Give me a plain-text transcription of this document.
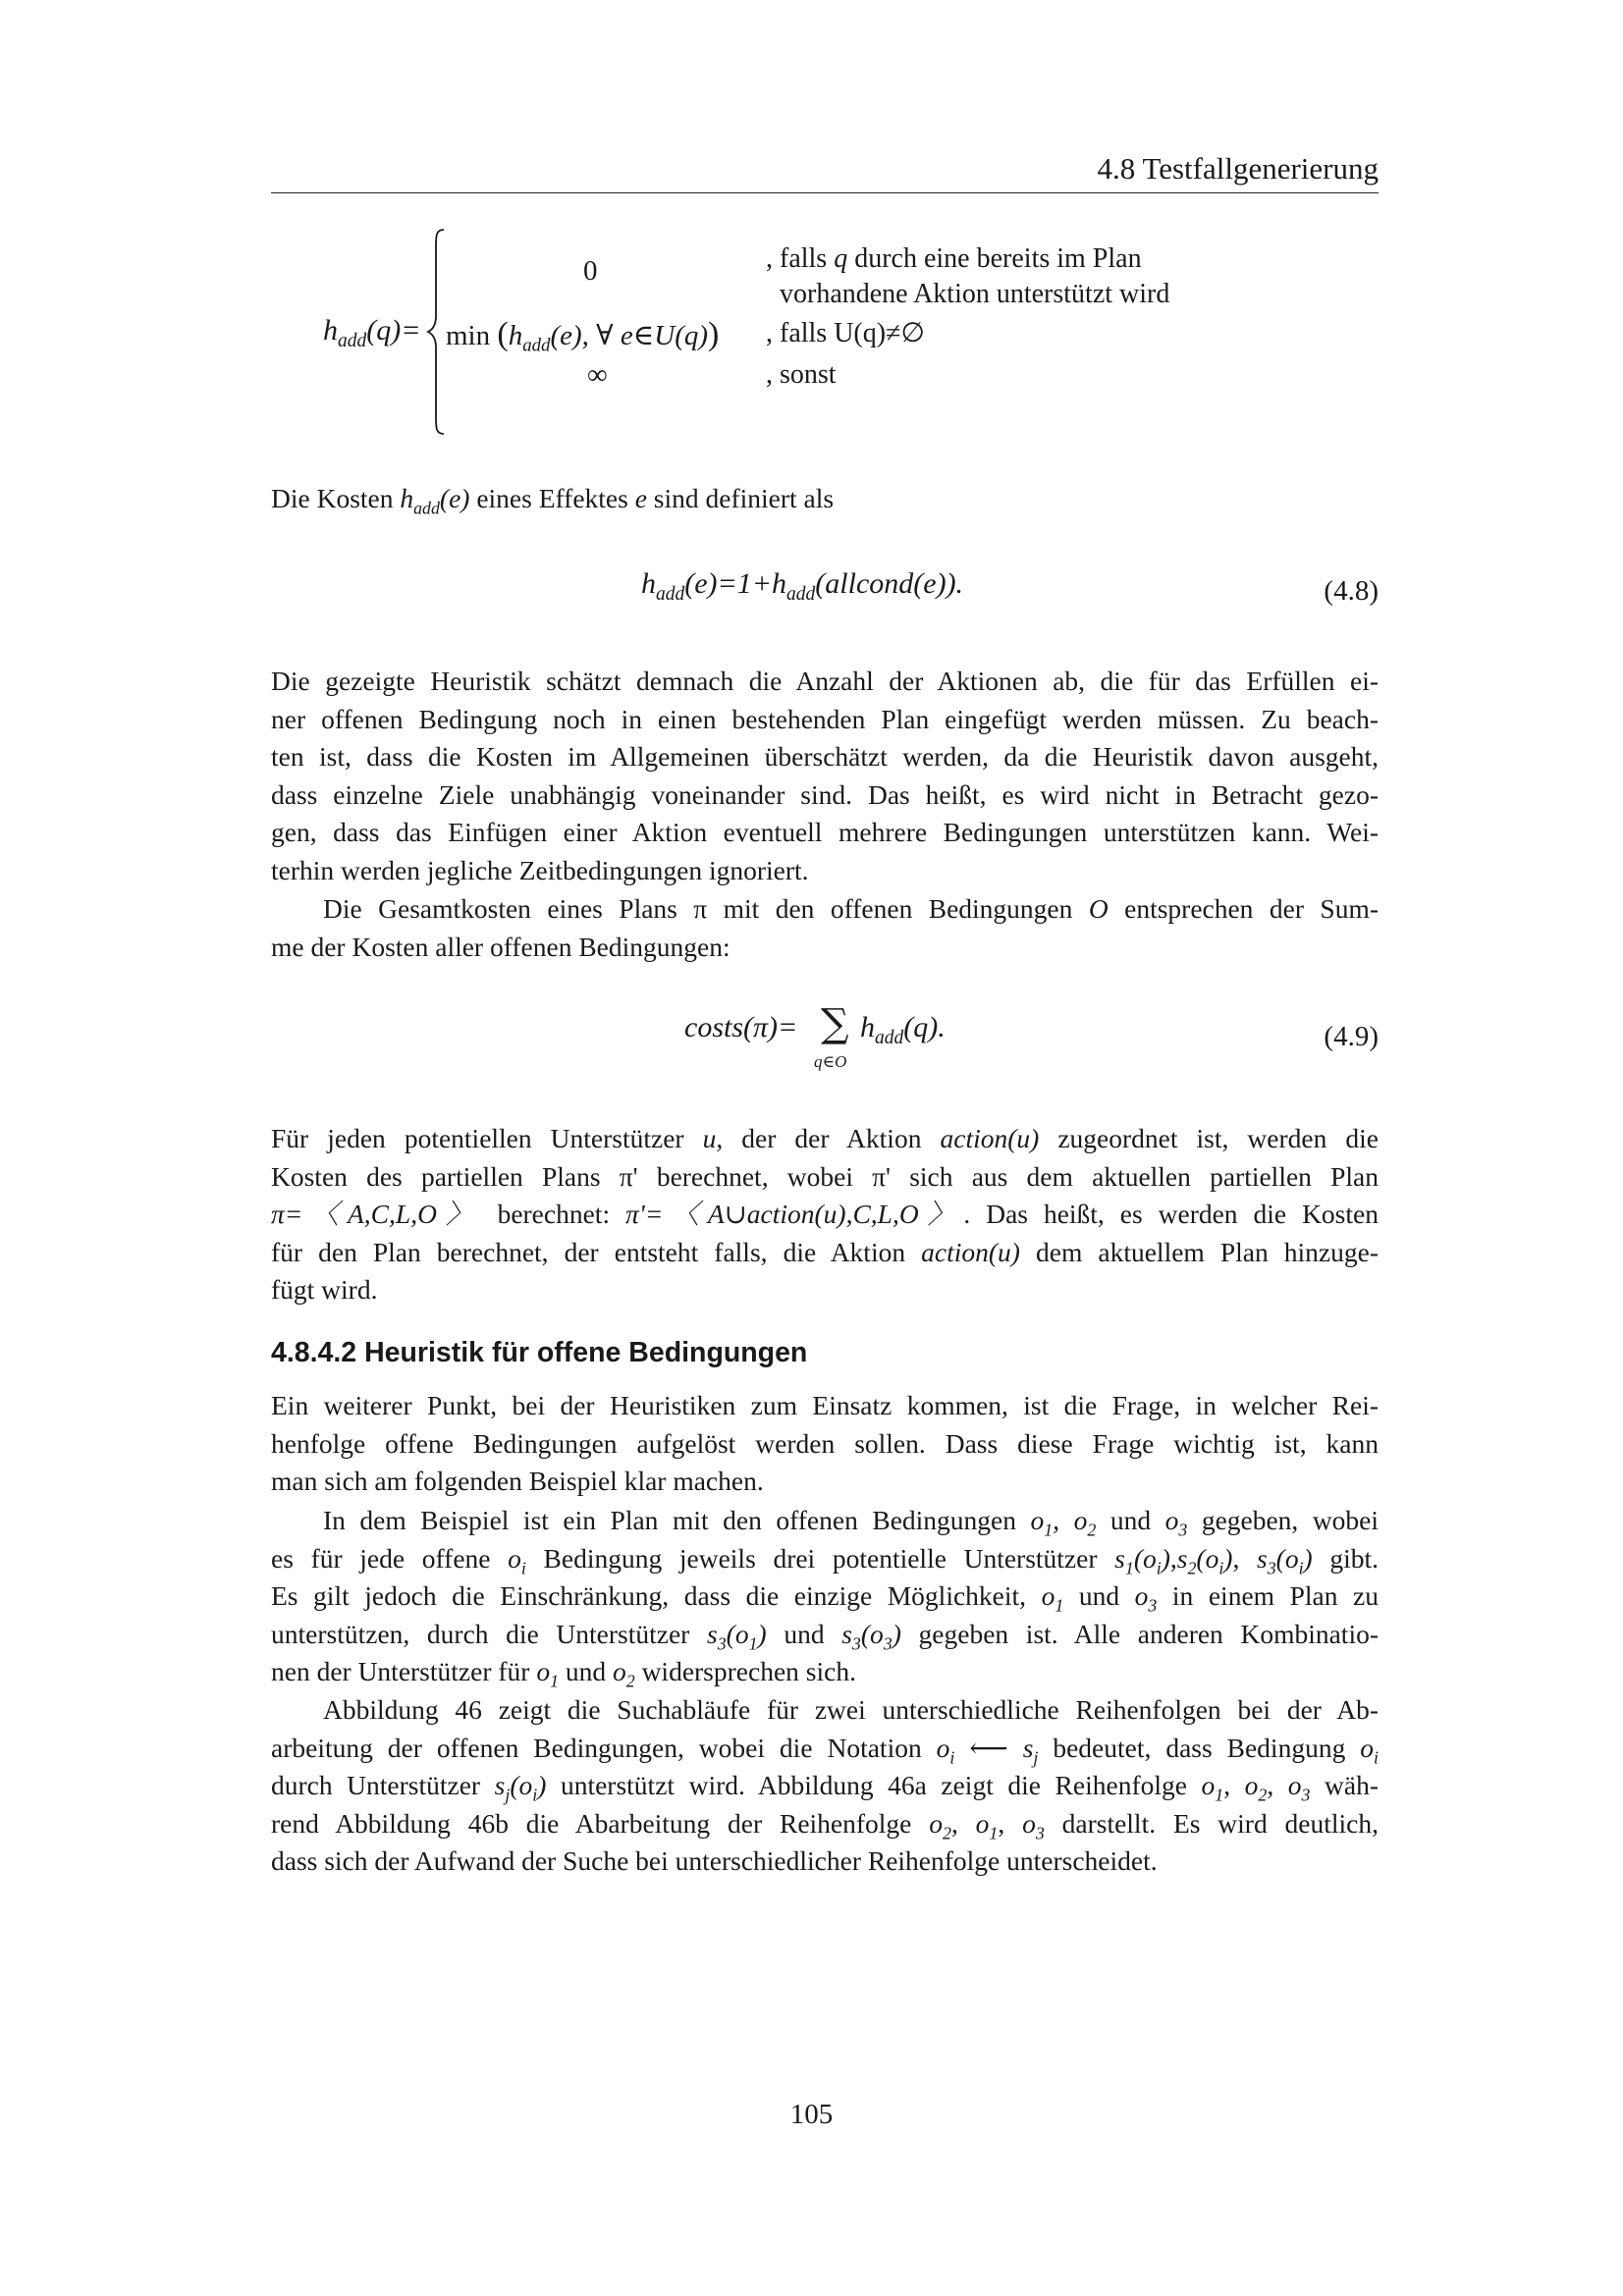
4.8 Testfallgenerierung
$h_{add}(q)=$
0
$\min (h_{add}(e)$, ∀ e∈U(q))
∞
, falls q durch eine bereits im Plan
vorhandene Aktion unterstützt wird
, falls U(q)≠∅
, sonst
Die Kosten $h_{add}(e)$ eines Effektes e sind definiert als
$h_{add}(e)=1+h_{add}(allcond(e))$.	(4.8)
Die gezeigte Heuristik schätzt demnach die Anzahl der Aktionen ab, die für das Erfüllen ei-
ner offenen Bedingung noch in einen bestehenden Plan eingefügt werden müssen. Zu beach-
ten ist, dass die Kosten im Allgemeinen überschätzt werden, da die Heuristik davon ausgeht,
dass einzelne Ziele unabhängig voneinander sind. Das heißt, es wird nicht in Betracht gezo-
gen, dass das Einfügen einer Aktion eventuell mehrere Bedingungen unterstützen kann. Wei-
terhin werden jegliche Zeitbedingungen ignoriert.
Die Gesamtkosten eines Plans π mit den offenen Bedingungen O entsprechen der Sum-
me der Kosten aller offenen Bedingungen:
costs(π)= ∑
q∈O
$h_{add}(q)$.	(4.9)
Für jeden potentiellen Unterstützer u, der der Aktion action(u) zugeordnet ist, werden die
Kosten des partiellen Plans π' berechnet, wobei π' sich aus dem aktuellen partiellen Plan
π=〈A,C,L,O〉 berechnet: π'=〈A∪action(u),C,L,O〉. Das heißt, es werden die Kosten
für den Plan berechnet, der entsteht falls, die Aktion action(u) dem aktuellem Plan hinzuge-
fügt wird.
4.8.4.2 Heuristik für offene Bedingungen
Ein weiterer Punkt, bei der Heuristiken zum Einsatz kommen, ist die Frage, in welcher Rei-
henfolge offene Bedingungen aufgelöst werden sollen. Dass diese Frage wichtig ist, kann
man sich am folgenden Beispiel klar machen.
In dem Beispiel ist ein Plan mit den offenen Bedingungen $o_1$, $o_2$ und $o_3$ gegeben, wobei
es für jede offene $o_i$ Bedingung jeweils drei potentielle Unterstützer $s_1(o_i),s_2(o_i)$, $s_3(o_i)$ gibt.
Es gilt jedoch die Einschränkung, dass die einzige Möglichkeit, $o_1$ und $o_3$ in einem Plan zu
unterstützen, durch die Unterstützer $s_3(o_1)$ und $s_3(o_3)$ gegeben ist. Alle anderen Kombinatio-
nen der Unterstützer für $o_1$ und $o_2$ widersprechen sich.
Abbildung 46 zeigt die Suchabläufe für zwei unterschiedliche Reihenfolgen bei der Ab-
arbeitung der offenen Bedingungen, wobei die Notation $o_i$ ⟵ $s_j$ bedeutet, dass Bedingung $o_i$
durch Unterstützer $s_j(o_i)$ unterstützt wird. Abbildung 46a zeigt die Reihenfolge $o_1$, $o_2$, $o_3$ wäh-
rend Abbildung 46b die Abarbeitung der Reihenfolge $o_2$, $o_1$, $o_3$ darstellt. Es wird deutlich,
dass sich der Aufwand der Suche bei unterschiedlicher Reihenfolge unterscheidet.
105
